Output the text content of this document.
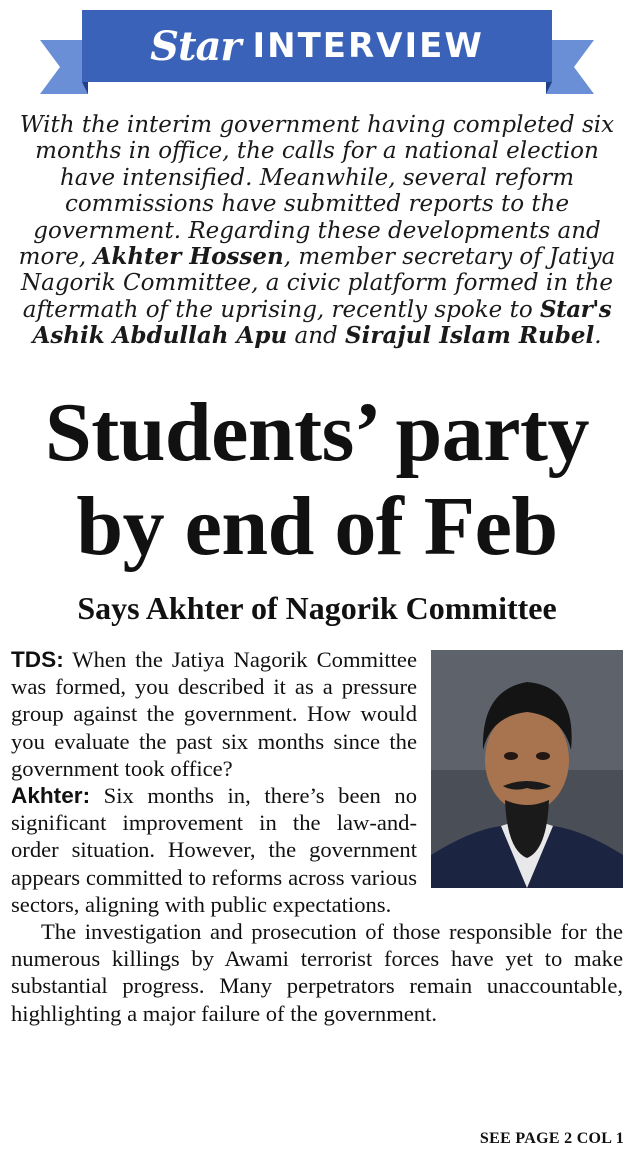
Star INTERVIEW

With the interim government having completed six months in office, the calls for a national election have intensified. Meanwhile, several reform commissions have submitted reports to the government. Regarding these developments and more, Akhter Hossen, member secretary of Jatiya Nagorik Committee, a civic platform formed in the aftermath of the uprising, recently spoke to Star's Ashik Abdullah Apu and Sirajul Islam Rubel.

Students’ party
by end of Feb
Says Akhter of Nagorik Committee

TDS: When the Jatiya Nagorik Committee was formed, you described it as a pressure group against the government. How would you evaluate the past six months since the government took office?

Akhter: Six months in, there’s been no significant improvement in the law-and-order situation. However, the government appears committed to reforms across various sectors, aligning with public expectations.

The investigation and prosecution of those responsible for the numerous killings by Awami terrorist forces have yet to make substantial progress. Many perpetrators remain unaccountable, highlighting a major failure of the government.

SEE PAGE 2 COL 1
